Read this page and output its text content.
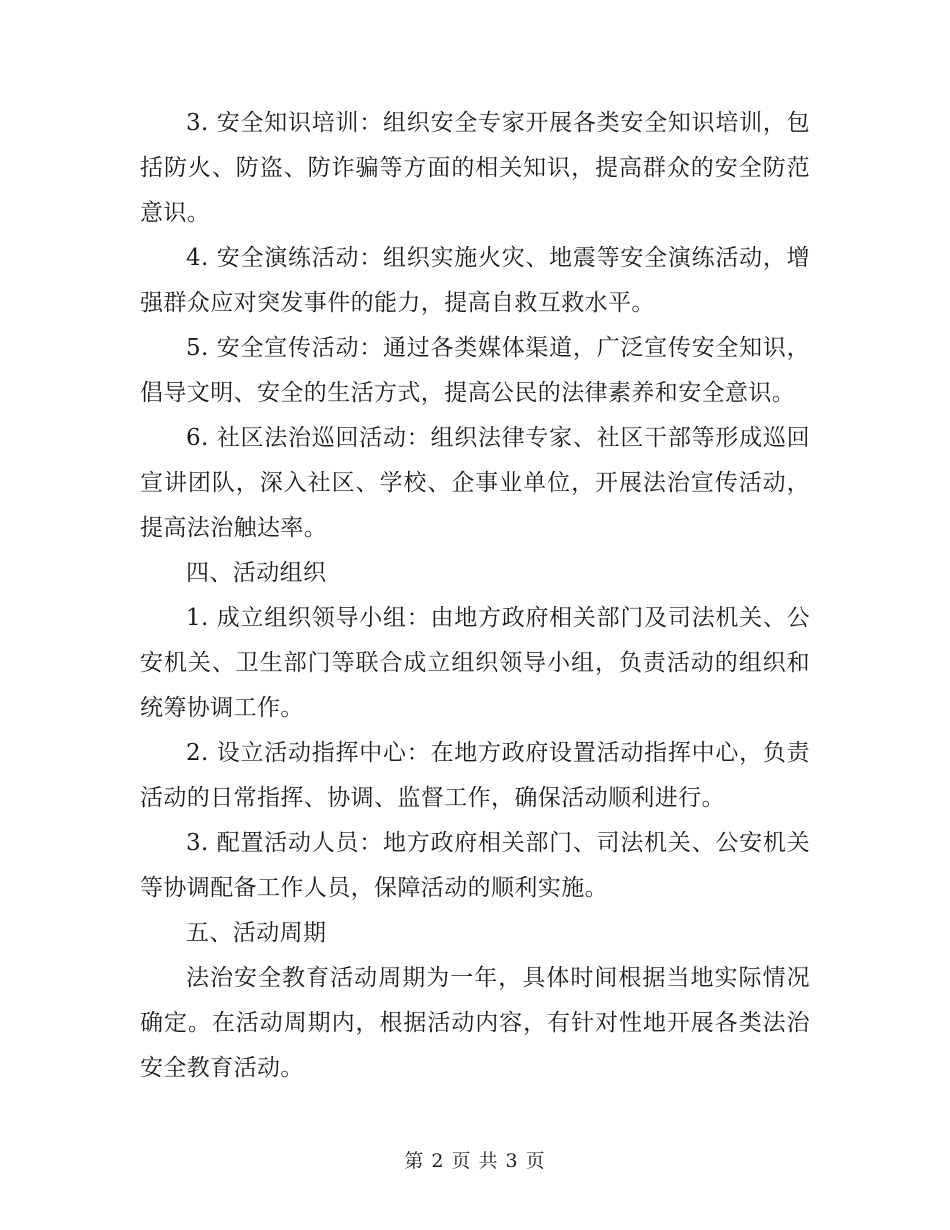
3. 安全知识培训：组织安全专家开展各类安全知识培训，包括防火、防盗、防诈骗等方面的相关知识，提高群众的安全防范意识。

4. 安全演练活动：组织实施火灾、地震等安全演练活动，增强群众应对突发事件的能力，提高自救互救水平。

5. 安全宣传活动：通过各类媒体渠道，广泛宣传安全知识，倡导文明、安全的生活方式，提高公民的法律素养和安全意识。

6. 社区法治巡回活动：组织法律专家、社区干部等形成巡回宣讲团队，深入社区、学校、企事业单位，开展法治宣传活动，提高法治触达率。

四、活动组织

1. 成立组织领导小组：由地方政府相关部门及司法机关、公安机关、卫生部门等联合成立组织领导小组，负责活动的组织和统筹协调工作。

2. 设立活动指挥中心：在地方政府设置活动指挥中心，负责活动的日常指挥、协调、监督工作，确保活动顺利进行。

3. 配置活动人员：地方政府相关部门、司法机关、公安机关等协调配备工作人员，保障活动的顺利实施。

五、活动周期

法治安全教育活动周期为一年，具体时间根据当地实际情况确定。在活动周期内，根据活动内容，有针对性地开展各类法治安全教育活动。

第 2 页 共 3 页
